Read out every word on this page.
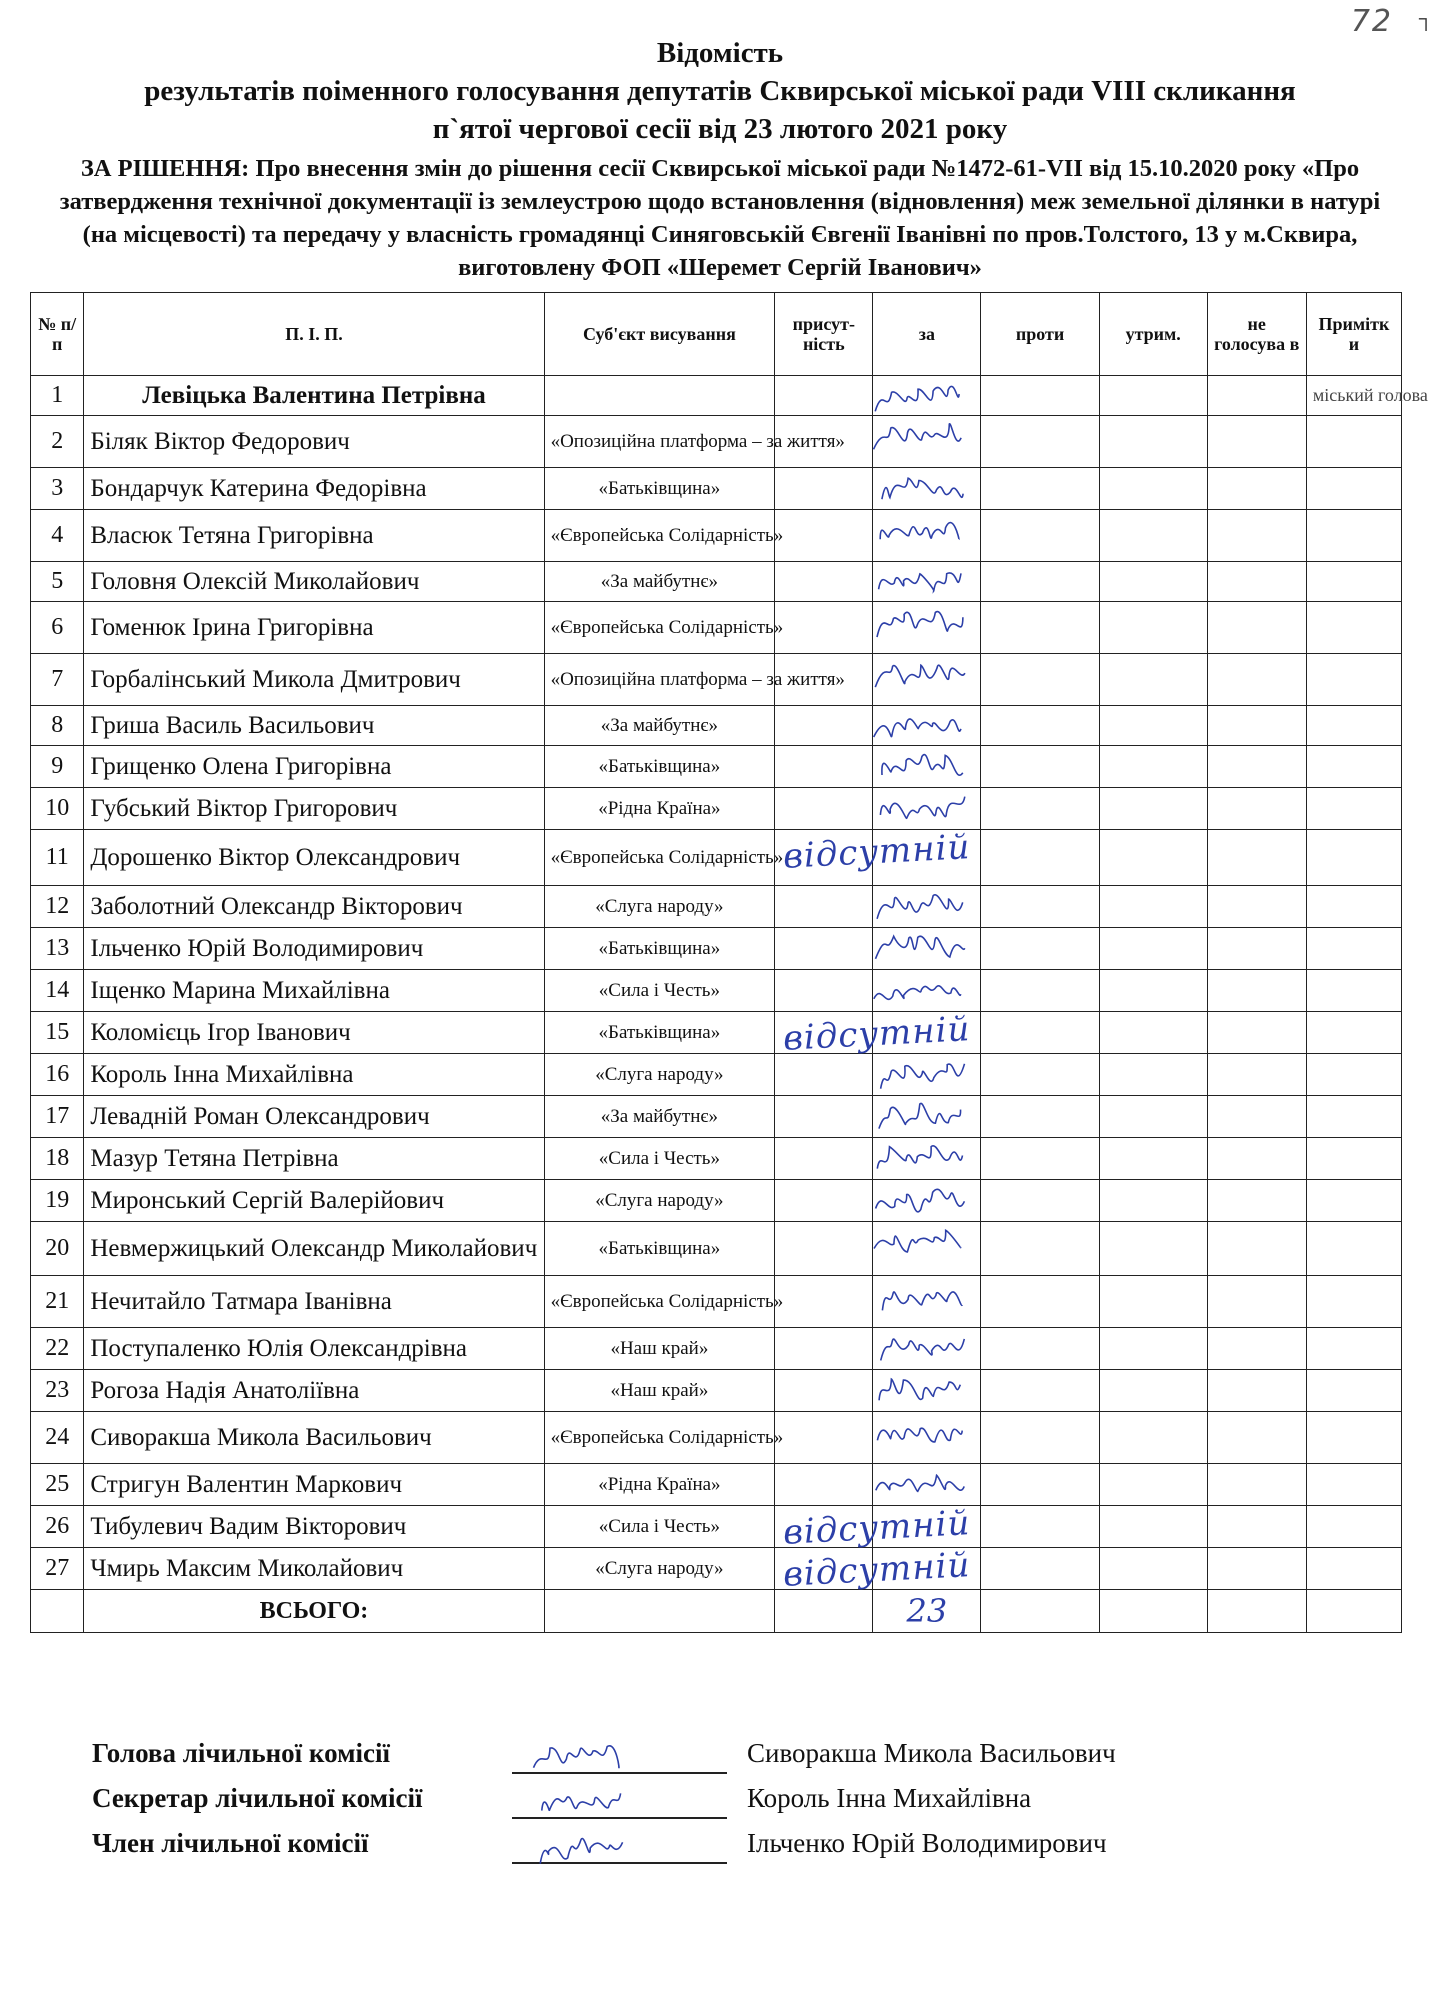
72 ┐
Відомість
результатів поіменного голосування депутатів Сквирської міської ради VIII скликання
п`ятої чергової сесії від 23 лютого 2021 року
ЗА РІШЕННЯ: Про внесення змін до рішення сесії Сквирської міської ради №1472-61-VII від 15.10.2020 року «Про затвердження технічної документації із землеустрою щодо встановлення (відновлення) меж земельної ділянки в натурі (на місцевості) та передачу у власність громадянці Синяговській Євгенії Іванівні по пров.Толстого, 13 у м.Сквира, виготовлену ФОП «Шеремет Сергій Іванович»
№ п/п	П. І. П.	Суб'єкт висування	присут-ність	за	проти	утрим.	не голосува в	Примітк и
1	Левіцька Валентина Петрівна							міський голова
2	Біляк Віктор Федорович	«Опозиційна платформа – за життя»		

3	Бондарчук Катерина Федорівна	«Батьківщина»		

4	Власюк Тетяна Григорівна	«Європейська Солідарність»		

5	Головня Олексій Миколайович	«За майбутнє»		

6	Гоменюк Ірина Григорівна	«Європейська Солідарність»		

7	Горбалінський Микола Дмитрович	«Опозиційна платформа – за життя»		

8	Гриша Василь Васильович	«За майбутнє»		

9	Грищенко Олена Григорівна	«Батьківщина»		

10	Губський Віктор Григорович	«Рідна Країна»		

11	Дорошенко Віктор Олександрович	«Європейська Солідарність»		відсутній				

12	Заболотний Олександр Вікторович	«Слуга народу»		

13	Ільченко Юрій Володимирович	«Батьківщина»		

14	Іщенко Марина Михайлівна	«Сила і Честь»		

15	Коломієць Ігор Іванович	«Батьківщина»		відсутній				

16	Король Інна Михайлівна	«Слуга народу»		

17	Левадній Роман Олександрович	«За майбутнє»		

18	Мазур Тетяна Петрівна	«Сила і Честь»		

19	Миронський Сергій Валерійович	«Слуга народу»		

20	Невмержицький Олександр Миколайович	«Батьківщина»		

21	Нечитайло Татмара Іванівна	«Європейська Солідарність»		

22	Поступаленко Юлія Олександрівна	«Наш край»		

23	Рогоза Надія Анатоліївна	«Наш край»		

24	Сиворакша Микола Васильович	«Європейська Солідарність»		

25	Стригун Валентин Маркович	«Рідна Країна»		

26	Тибулевич Вадим Вікторович	«Сила і Честь»		відсутній				

27	Чмирь Максим Миколайович	«Слуга народу»		відсутній				

	ВСЬОГО:			23				
Голова лічильної комісії	Сиворакша Микола Васильович
Секретар лічильної комісії	Король Інна Михайлівна
Член лічильної комісії	Ільченко Юрій Володимирович
